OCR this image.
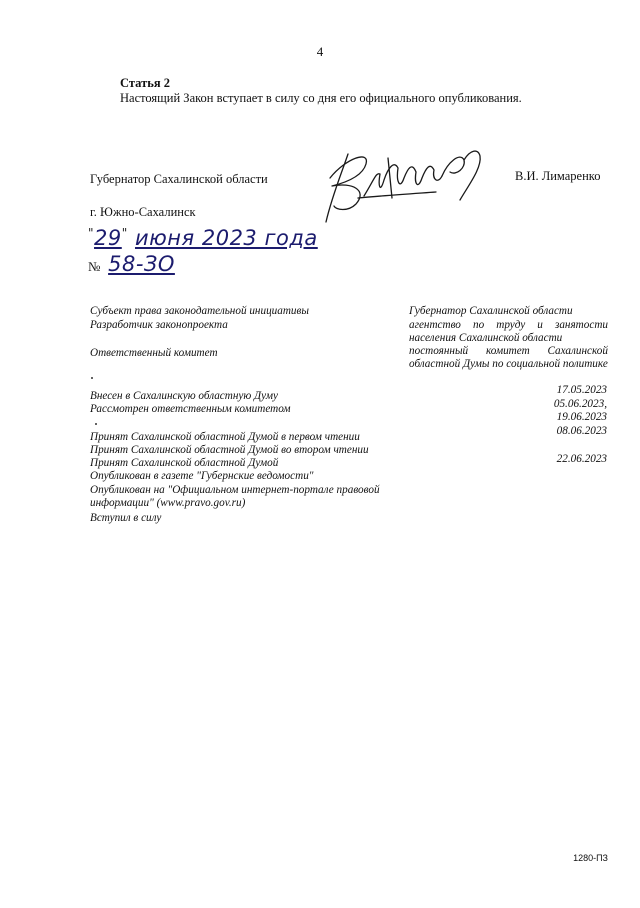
4
Статья 2
Настоящий Закон вступает в силу со дня его официального опубликования.
Губернатор Сахалинской области	В.И. Лимаренко
г. Южно-Сахалинск
"29" июня 2023 года
№ 58-ЗО
Субъект права законодательной инициативы
Разработчик законопроекта
Ответственный комитет
Губернатор Сахалинской области
агентство по труду и занятости населения Сахалинской области
постоянный комитет Сахалинской областной Думы по социальной политике
Внесен в Сахалинскую областную Думу
Рассмотрен ответственным комитетом
Принят Сахалинской областной Думой в первом чтении
Принят Сахалинской областной Думой во втором чтении
Принят Сахалинской областной Думой
Опубликован в газете "Губернские ведомости"
Опубликован на "Официальном интернет-портале правовой информации" (www.pravo.gov.ru)
Вступил в силу
17.05.2023
05.06.2023,
19.06.2023
08.06.2023
22.06.2023
1280-ПЗ
